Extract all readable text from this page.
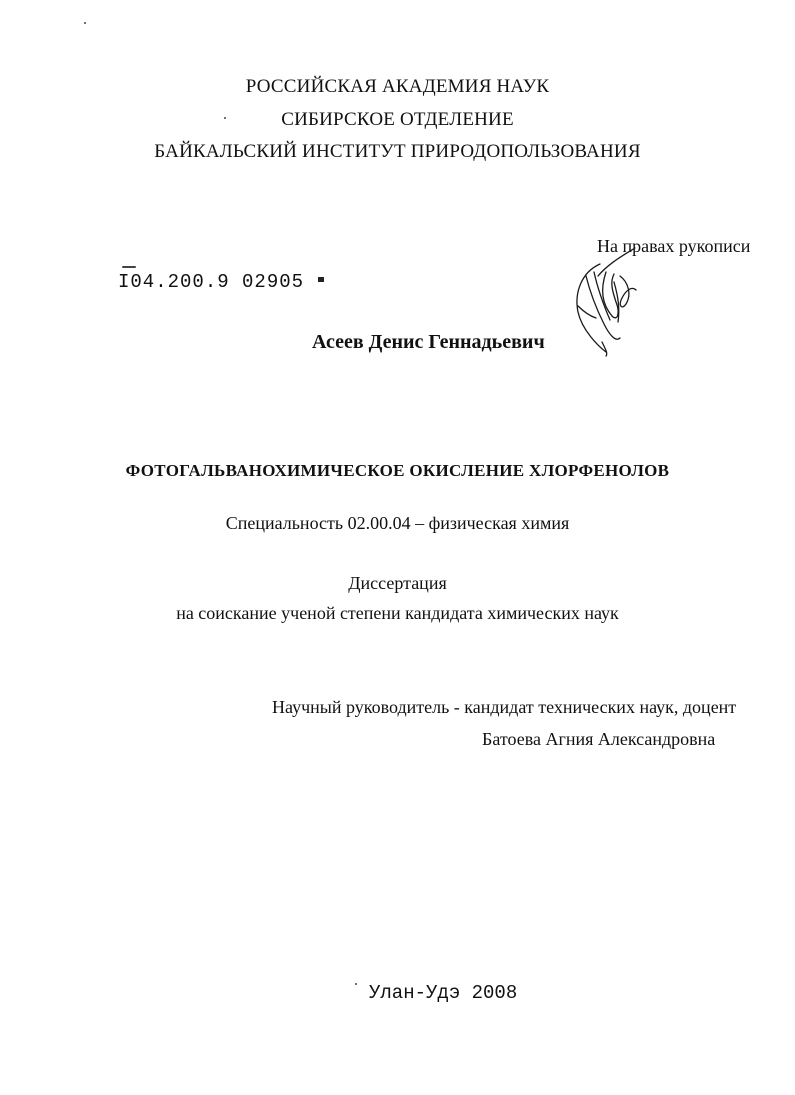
РОССИЙСКАЯ АКАДЕМИЯ НАУК
СИБИРСКОЕ ОТДЕЛЕНИЕ
БАЙКАЛЬСКИЙ ИНСТИТУТ ПРИРОДОПОЛЬЗОВАНИЯ
На правах рукописи
I04.200.9 02905
Асеев Денис Геннадьевич
ФОТОГАЛЬВАНОХИМИЧЕСКОЕ ОКИСЛЕНИЕ ХЛОРФЕНОЛОВ
Специальность 02.00.04 – физическая химия
Диссертация
на соискание ученой степени кандидата химических наук
Научный руководитель - кандидат технических наук, доцент
Батоева Агния Александровна
Улан-Удэ 2008
